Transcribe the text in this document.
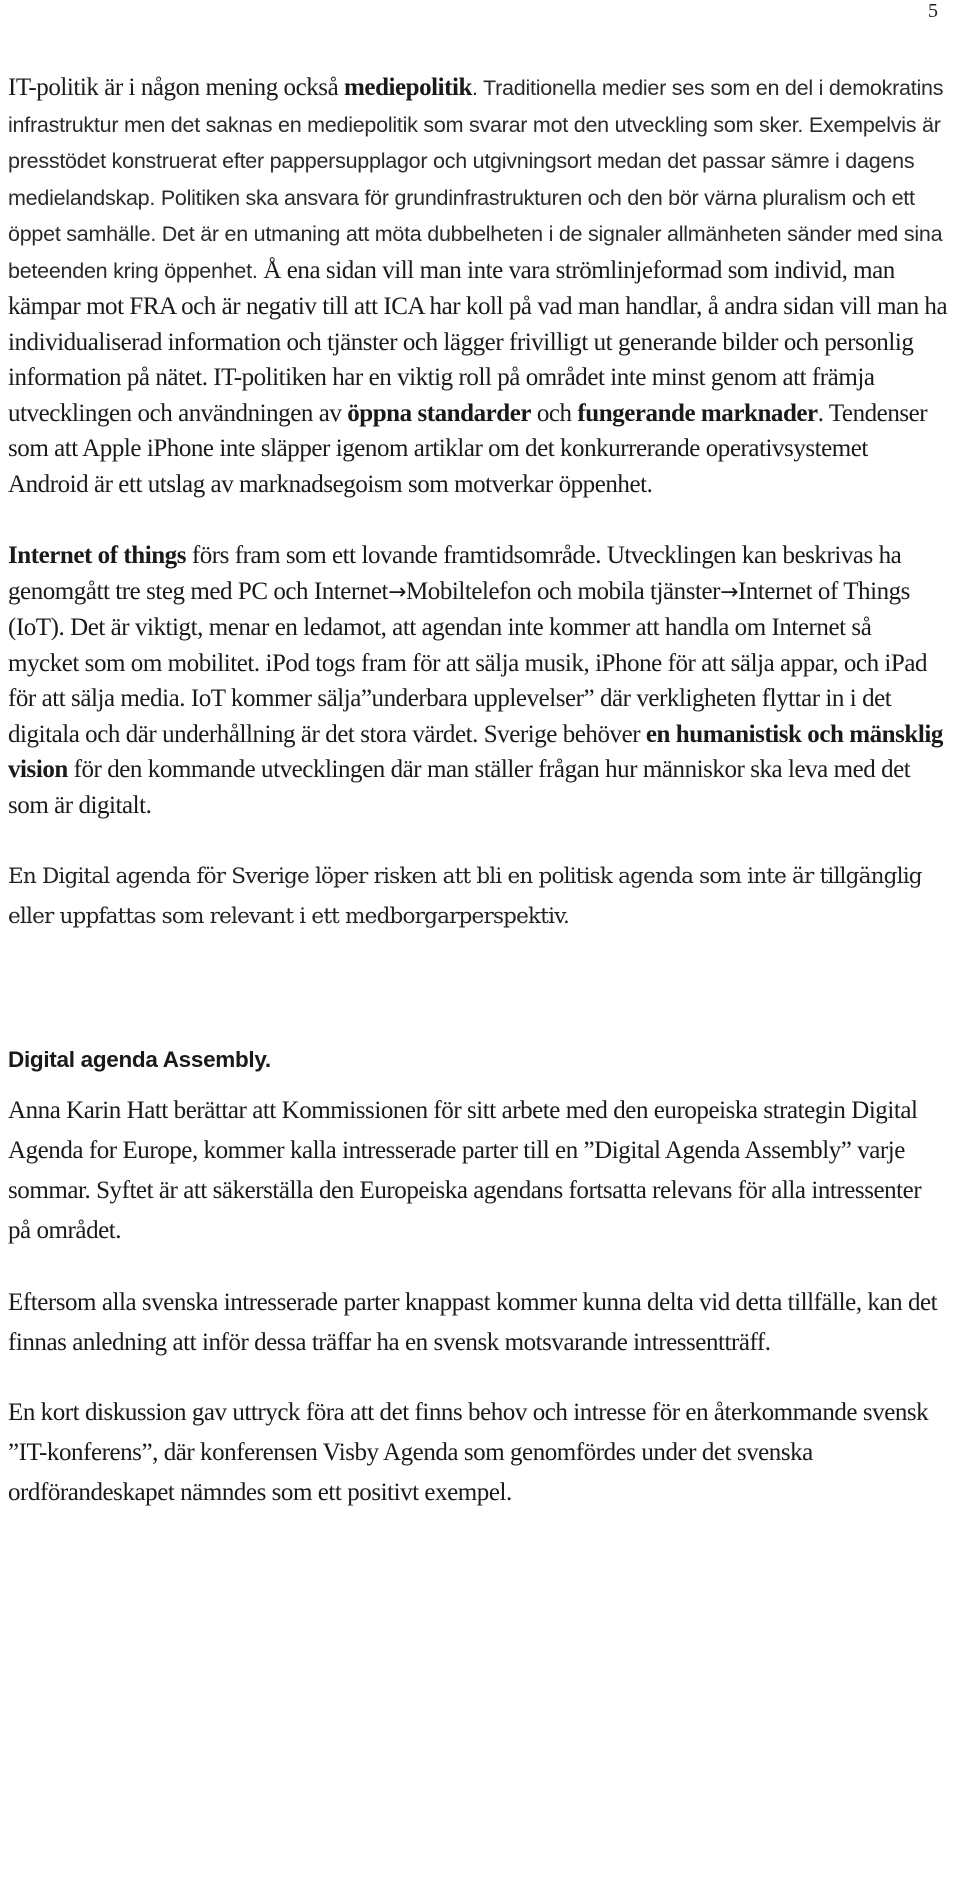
5

IT-politik är i någon mening också mediepolitik. Traditionella medier ses som en del i demokratins infrastruktur men det saknas en mediepolitik som svarar mot den utveckling som sker. Exempelvis är presstödet konstruerat efter pappersupplagor och utgivningsort medan det passar sämre i dagens medielandskap. Politiken ska ansvara för grundinfrastrukturen och den bör värna pluralism och ett öppet samhälle. Det är en utmaning att möta dubbelheten i de signaler allmänheten sänder med sina beteenden kring öppenhet. Å ena sidan vill man inte vara strömlinjeformad som individ, man kämpar mot FRA och är negativ till att ICA har koll på vad man handlar, å andra sidan vill man ha individualiserad information och tjänster och lägger frivilligt ut generande bilder och personlig information på nätet. IT-politiken har en viktig roll på området inte minst genom att främja utvecklingen och användningen av öppna standarder och fungerande marknader. Tendenser som att Apple iPhone inte släpper igenom artiklar om det konkurrerande operativsystemet Android är ett utslag av marknadsegoism som motverkar öppenhet.

Internet of things förs fram som ett lovande framtidsområde. Utvecklingen kan beskrivas ha genomgått tre steg med PC och Internet→Mobiltelefon och mobila tjänster→Internet of Things (IoT). Det är viktigt, menar en ledamot, att agendan inte kommer att handla om Internet så mycket som om mobilitet. iPod togs fram för att sälja musik, iPhone för att sälja appar, och iPad för att sälja media. IoT kommer sälja”underbara upplevelser” där verkligheten flyttar in i det digitala och där underhållning är det stora värdet. Sverige behöver en humanistisk och mänsklig vision för den kommande utvecklingen där man ställer frågan hur människor ska leva med det som är digitalt.

En Digital agenda för Sverige löper risken att bli en politisk agenda som inte är tillgänglig eller uppfattas som relevant i ett medborgarperspektiv.

Digital agenda Assembly.

Anna Karin Hatt berättar att Kommissionen för sitt arbete med den europeiska strategin Digital Agenda for Europe, kommer kalla intresserade parter till en ”Digital Agenda Assembly” varje sommar. Syftet är att säkerställa den Europeiska agendans fortsatta relevans för alla intressenter på området.

Eftersom alla svenska intresserade parter knappast kommer kunna delta vid detta tillfälle, kan det finnas anledning att inför dessa träffar ha en svensk motsvarande intressentträff.

En kort diskussion gav uttryck föra att det finns behov och intresse för en återkommande svensk ”IT-konferens”, där konferensen Visby Agenda som genomfördes under det svenska ordförandeskapet nämndes som ett positivt exempel.
